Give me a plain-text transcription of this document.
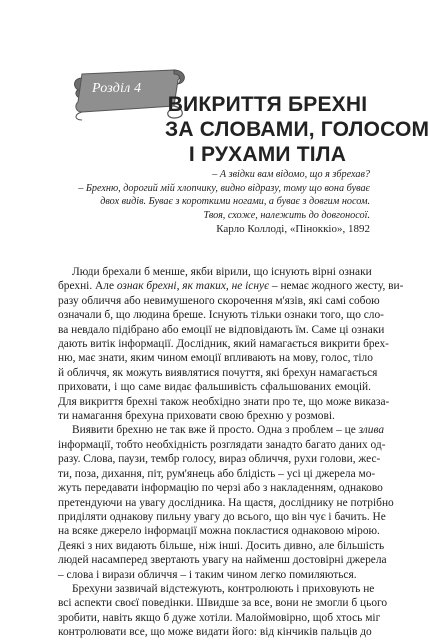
Розділ 4
ВИКРИТТЯ БРЕХНІ
ЗА СЛОВАМИ, ГОЛОСОМ
І РУХАМИ ТІЛА
– А звідки вам відомо, що я збрехав?
– Брехню, дорогий мій хлопчику, видно відразу, тому що вона буває
двох видів. Буває з короткими ногами, а буває з довгим носом.
Твоя, схоже, належить до довгоносої.
Карло Коллоді, «Піноккіо», 1892
Люди брехали б менше, якби вірили, що існують вірні ознаки
брехні. Але ознак брехні, як таких, не існує – немає жодного жесту, ви-
разу обличчя або невимушеного скорочення м'язів, які самі собою
означали б, що людина бреше. Існують тільки ознаки того, що сло-
ва невдало підібрано або емоції не відповідають їм. Саме ці ознаки
дають витік інформації. Дослідник, який намагається викрити брех-
ню, має знати, яким чином емоції впливають на мову, голос, тіло
й обличчя, як можуть виявлятися почуття, які брехун намагається
приховати, і що саме видає фальшивість сфальшованих емоцій.
Для викриття брехні також необхідно знати про те, що може виказа-
ти намагання брехуна приховати свою брехню у розмові.
Виявити брехню не так вже й просто. Одна з проблем – це злива
інформації, тобто необхідність розглядати занадто багато даних од-
разу. Слова, паузи, тембр голосу, вираз обличчя, рухи голови, жес-
ти, поза, дихання, піт, рум'янець або блідість – усі ці джерела мо-
жуть передавати інформацію по черзі або з накладенням, однаково
претендуючи на увагу дослідника. На щастя, досліднику не потрібно
приділяти однакову пильну увагу до всього, що він чує і бачить. Не
на всяке джерело інформації можна покластися однаковою мірою.
Деякі з них видають більше, ніж інші. Досить дивно, але більшість
людей насамперед звертають увагу на найменш достовірні джерела
– слова і вирази обличчя – і таким чином легко помиляються.
Брехуни зазвичай відстежують, контролюють і приховують не
всі аспекти своєї поведінки. Швидше за все, вони не змогли б цього
зробити, навіть якщо б дуже хотіли. Малоймовірно, щоб хтось міг
контролювати все, що може видати його: від кінчиків пальців до
